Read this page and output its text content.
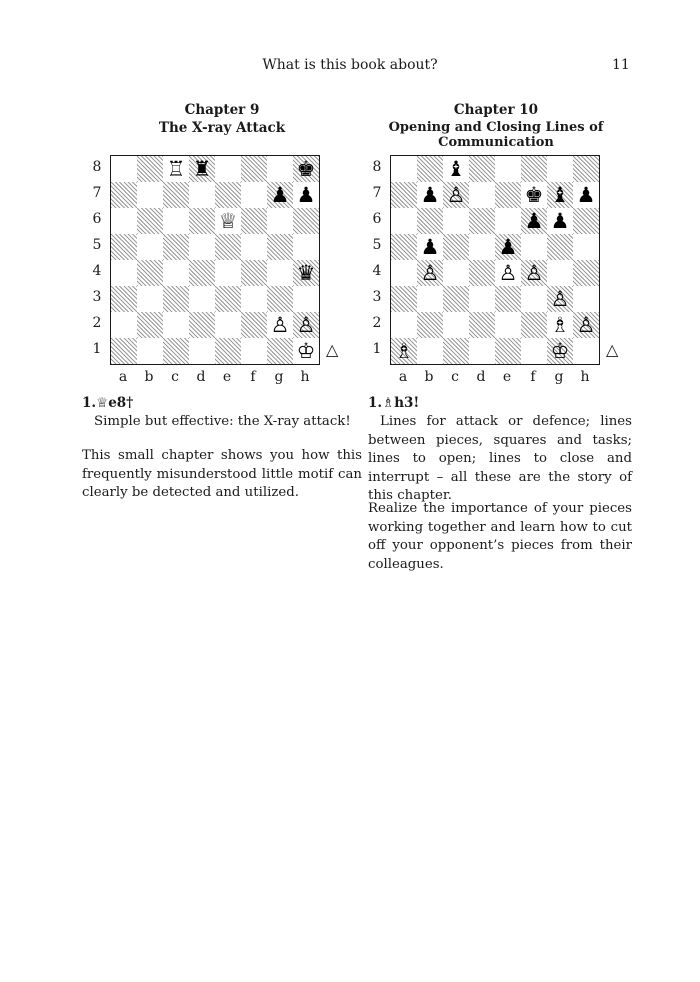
What is this book about?	11
Chapter 9
The X-ray Attack
♖ ♜	♚
♟ ♟
♕
♛
♙ ♙
♔ △
8
7
6
5
4
3
2
1
a	b	c	d	e	f	g	h
1.♕e8†
Simple but effective: the X-ray attack!
This small chapter shows you how this frequently misunderstood little motif can clearly be detected and utilized.
Chapter 10
Opening and Closing Lines of Communication
♝
♟ ♙	♚ ♝ ♟
♟ ♟
♟	♟
♙	♙ ♙
♙
♗ ♙
♗	♔ △
8
7
6
5
4
3
2
1
a	b	c	d	e	f	g	h
1.♗h3!
Lines for attack or defence; lines between pieces, squares and tasks; lines to open; lines to close and interrupt – all these are the story of this chapter.
Realize the importance of your pieces working together and learn how to cut off your opponent’s pieces from their colleagues.
